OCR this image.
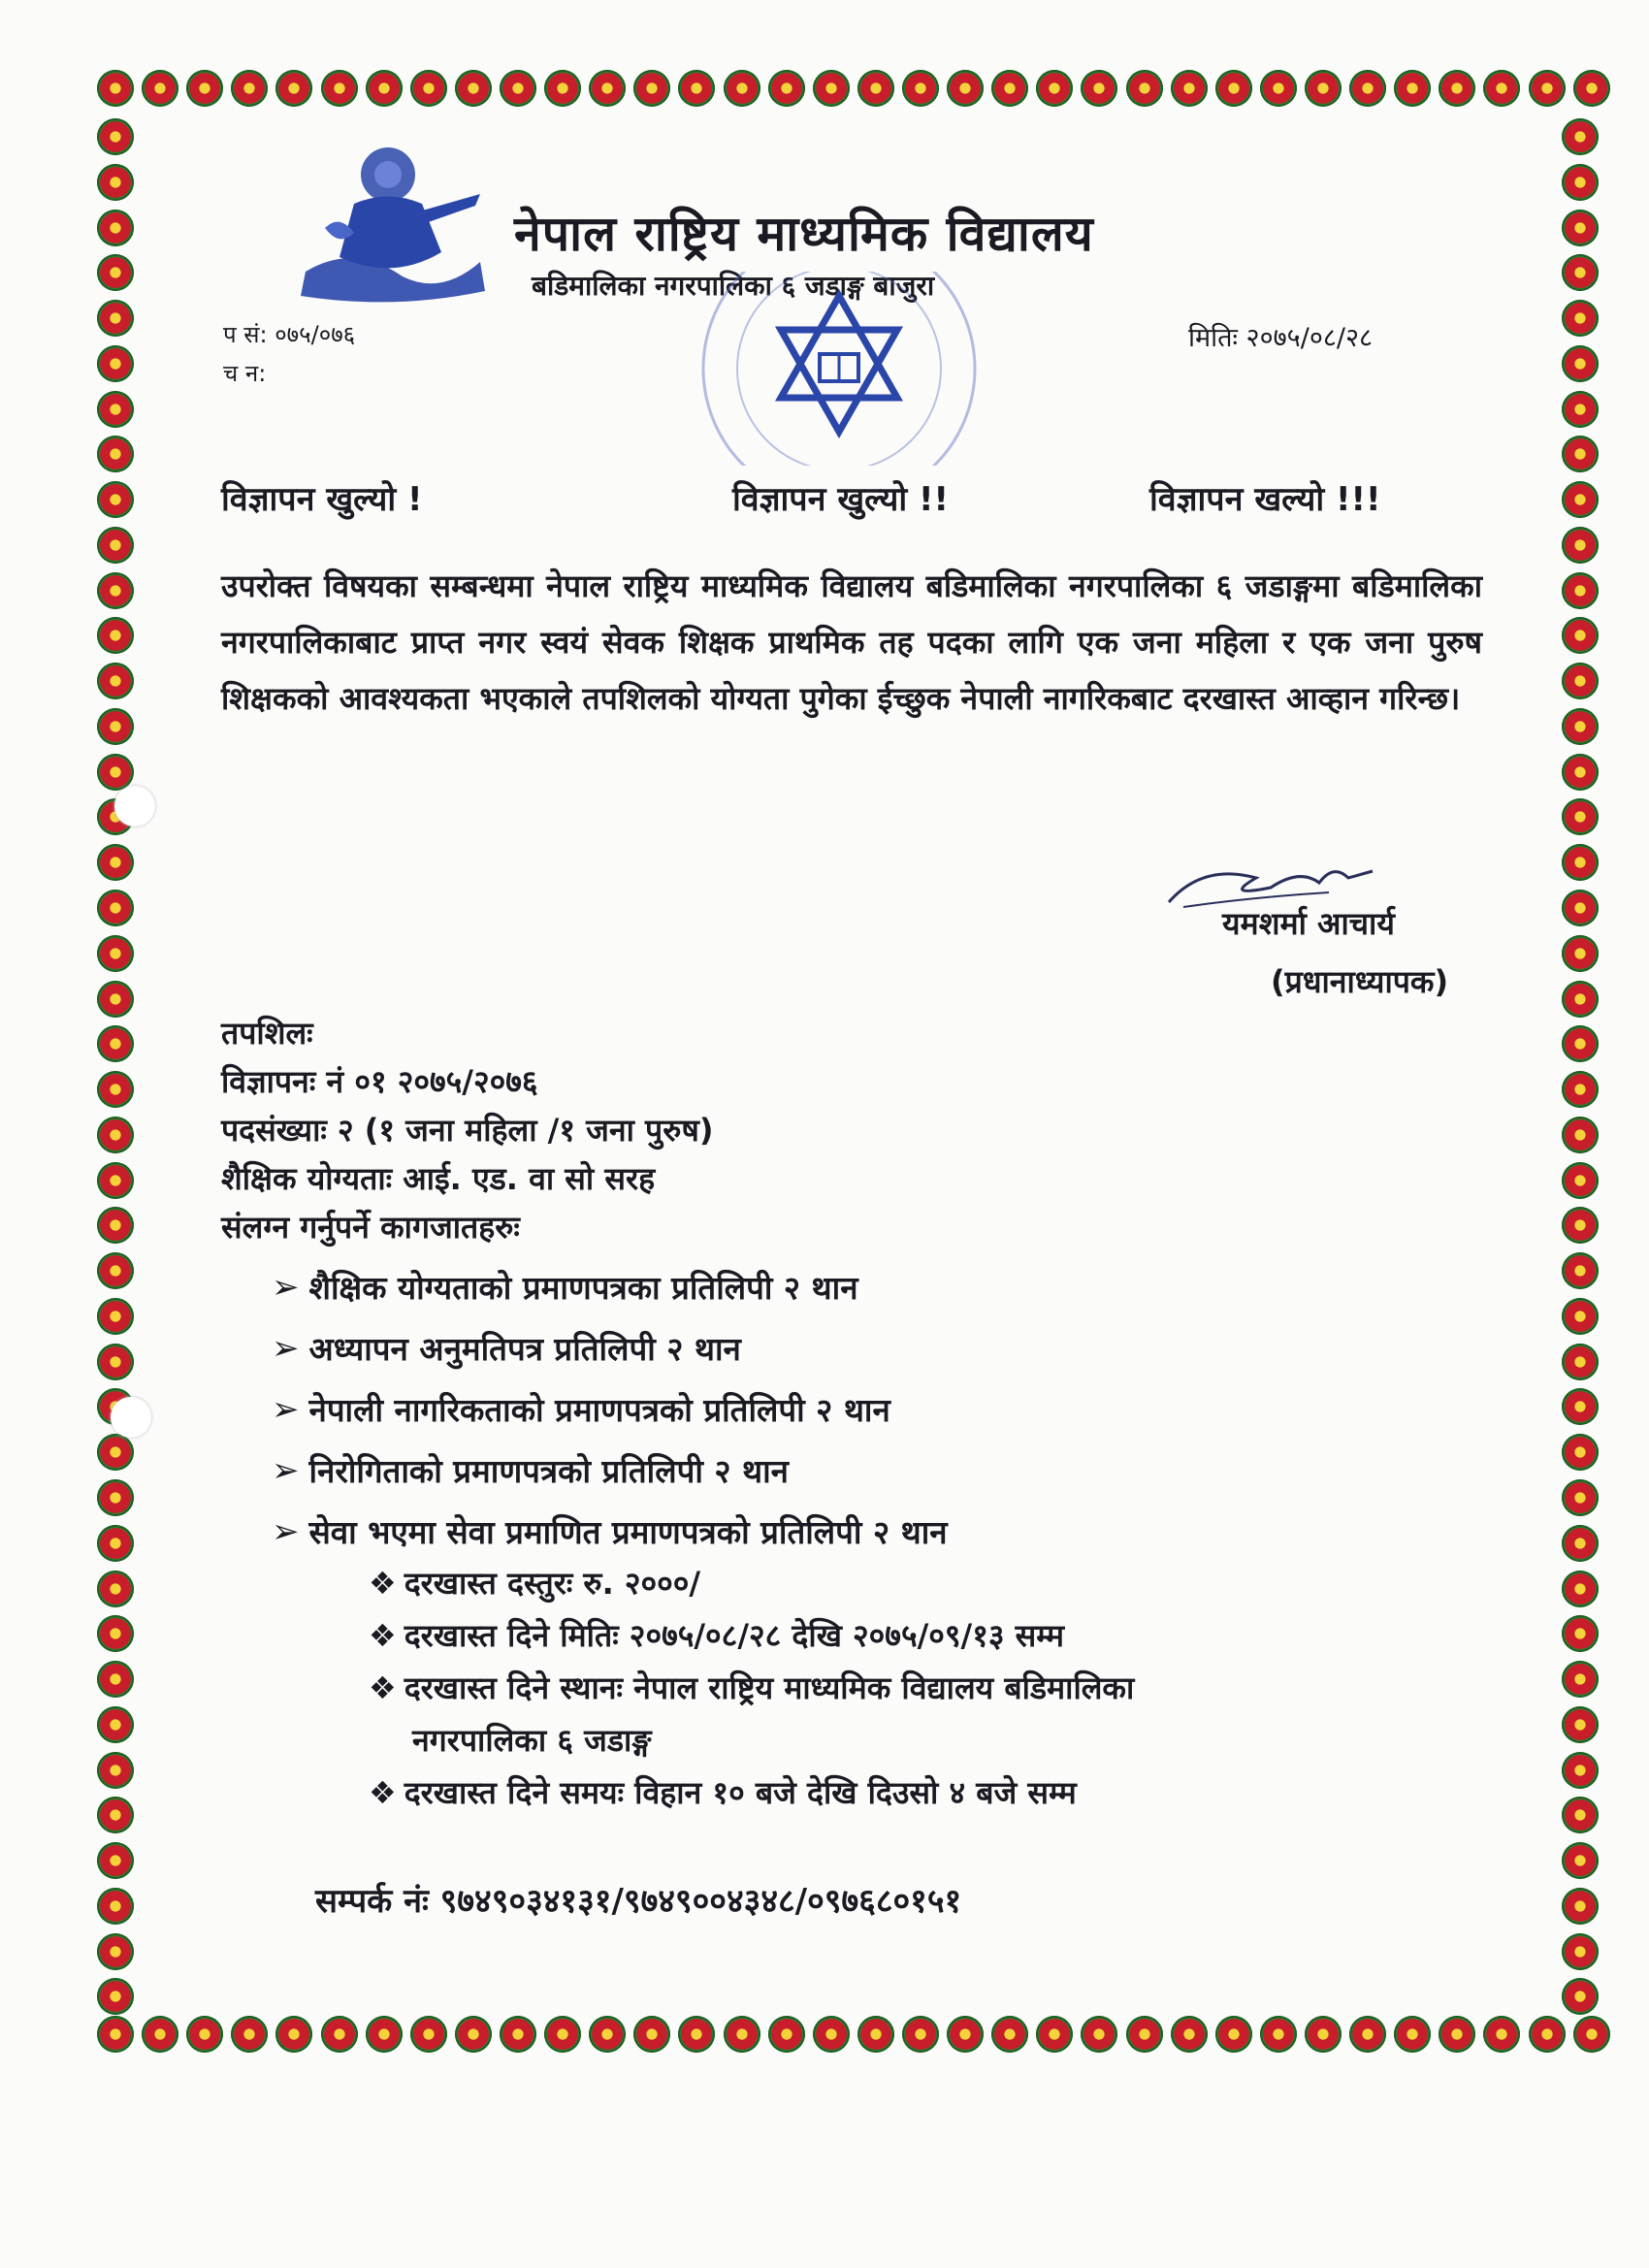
नेपाल राष्ट्रिय माध्यमिक विद्यालय
बडिमालिका नगरपालिका ६ जडाङ्ग बाजुरा
प सं: ०७५/०७६
च न:
मितिः २०७५/०८/२८
विज्ञापन खुल्यो !	विज्ञापन खुल्यो !!	विज्ञापन खल्यो !!!
उपरोक्त विषयका सम्बन्धमा नेपाल राष्ट्रिय माध्यमिक विद्यालय बडिमालिका नगरपालिका ६ जडाङ्गमा बडिमालिका नगरपालिकाबाट प्राप्त नगर स्वयं सेवक शिक्षक प्राथमिक तह पदका लागि एक जना महिला र एक जना पुरुष शिक्षकको आवश्यकता भएकाले तपशिलको योग्यता पुगेका ईच्छुक नेपाली नागरिकबाट दरखास्त आव्हान गरिन्छ।
यमशर्मा आचार्य
(प्रधानाध्यापक)
तपशिलः
विज्ञापनः नं ०१ २०७५/२०७६
पदसंख्याः २ (१ जना महिला /१ जना पुरुष)
शैक्षिक योग्यताः आई. एड. वा सो सरह
संलग्न गर्नुपर्ने कागजातहरुः
➢ शैक्षिक योग्यताको प्रमाणपत्रका प्रतिलिपी २ थान
➢ अध्यापन अनुमतिपत्र प्रतिलिपी २ थान
➢ नेपाली नागरिकताको प्रमाणपत्रको प्रतिलिपी २ थान
➢ निरोगिताको प्रमाणपत्रको प्रतिलिपी २ थान
➢ सेवा भएमा सेवा प्रमाणित प्रमाणपत्रको प्रतिलिपी २ थान
❖ दरखास्त दस्तुरः रु. २०००/
❖ दरखास्त दिने मितिः २०७५/०८/२८ देखि २०७५/०९/१३ सम्म
❖ दरखास्त दिने स्थानः नेपाल राष्ट्रिय माध्यमिक विद्यालय बडिमालिका
नगरपालिका ६ जडाङ्ग
❖ दरखास्त दिने समयः विहान १० बजे देखि दिउसो ४ बजे सम्म
सम्पर्क नंः ९७४९०३४१३१/९७४९००४३४८/०९७६८०१५१
